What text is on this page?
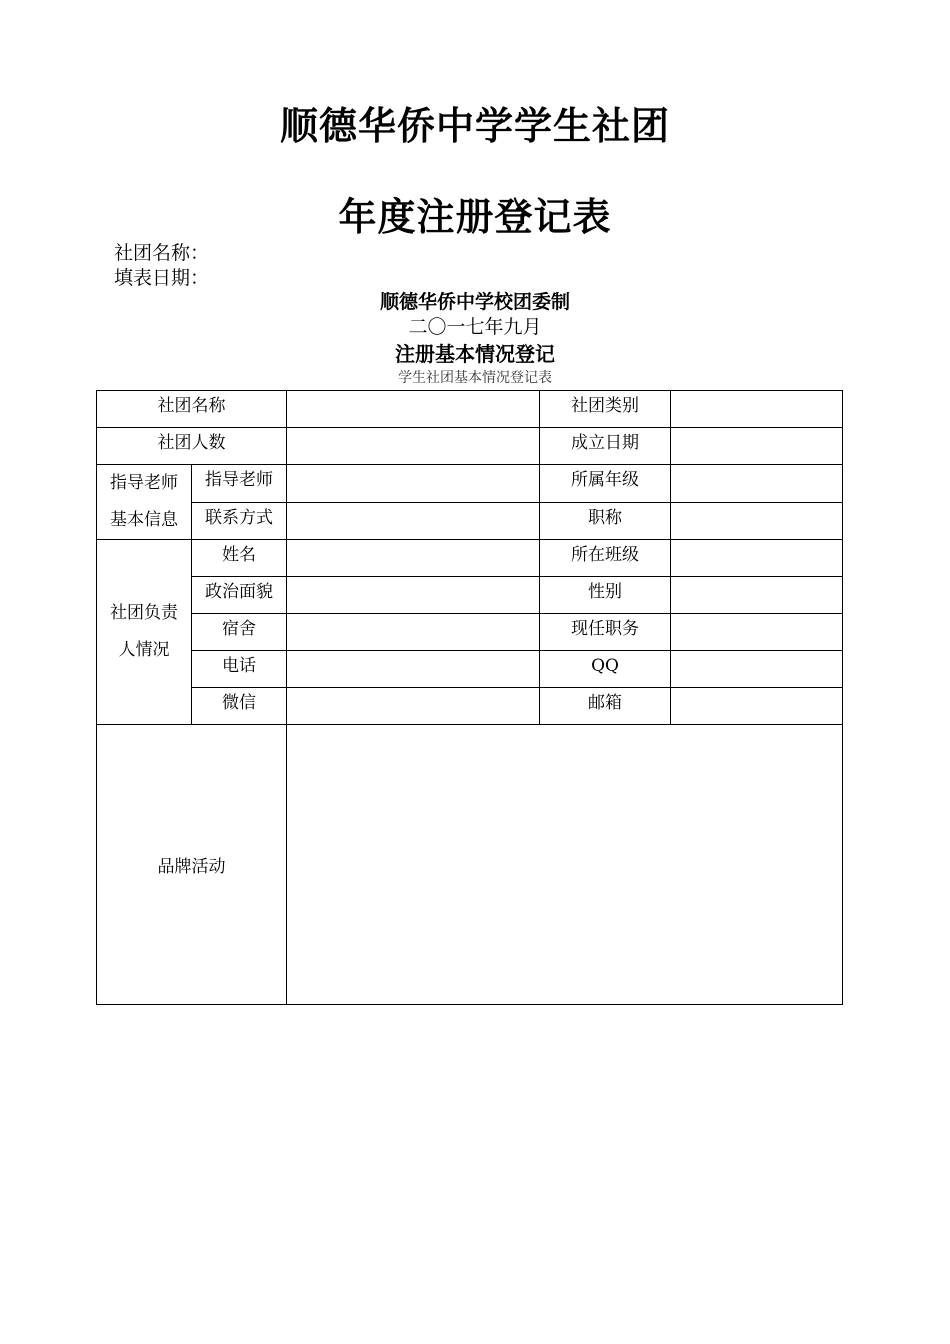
顺德华侨中学学生社团
年度注册登记表
社团名称：
填表日期：
顺德华侨中学校团委制
二〇一七年九月
注册基本情况登记
学生社团基本情况登记表
社团名称			社团类别	
社团人数			成立日期	

指导老师
基本信息	指导老师		所属年级	
	联系方式		职称	

社团负责
人情况	姓名		所在班级	
	政治面貌		性别	
	宿舍		现任职务	
	电话		QQ	
	微信		邮箱	
品牌活动				
